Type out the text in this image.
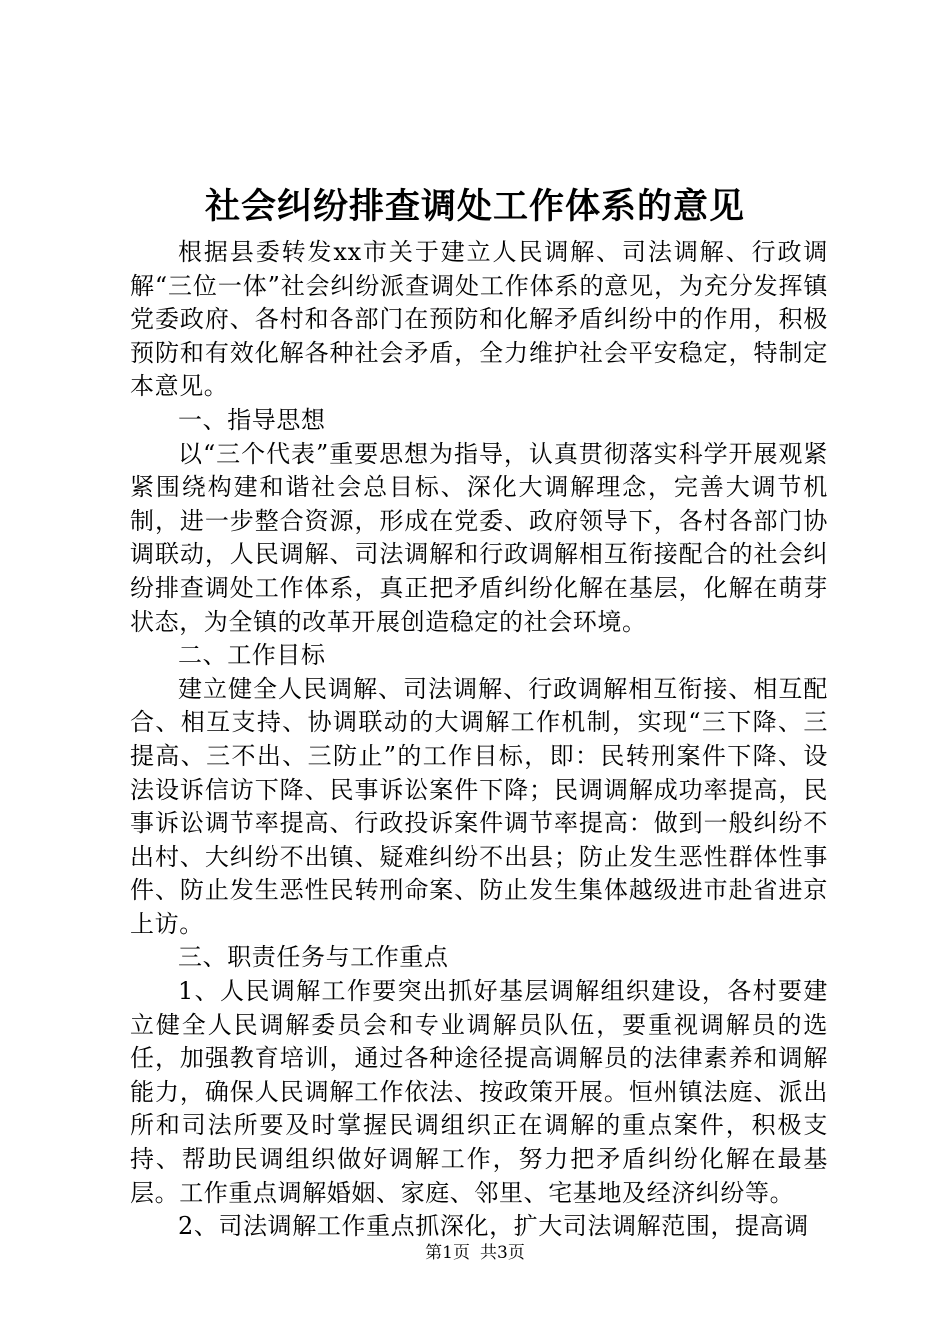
社会纠纷排查调处工作体系的意见

根据县委转发xx市关于建立人民调解、司法调解、行政调解“三位一体”社会纠纷派查调处工作体系的意见，为充分发挥镇党委政府、各村和各部门在预防和化解矛盾纠纷中的作用，积极预防和有效化解各种社会矛盾，全力维护社会平安稳定，特制定本意见。

一、指导思想

以“三个代表”重要思想为指导，认真贯彻落实科学开展观紧紧围绕构建和谐社会总目标、深化大调解理念，完善大调节机制，进一步整合资源，形成在党委、政府领导下，各村各部门协调联动，人民调解、司法调解和行政调解相互衔接配合的社会纠纷排查调处工作体系，真正把矛盾纠纷化解在基层，化解在萌芽状态，为全镇的改革开展创造稳定的社会环境。

二、工作目标

建立健全人民调解、司法调解、行政调解相互衔接、相互配合、相互支持、协调联动的大调解工作机制，实现“三下降、三提高、三不出、三防止”的工作目标，即：民转刑案件下降、设法设诉信访下降、民事诉讼案件下降；民调调解成功率提高，民事诉讼调节率提高、行政投诉案件调节率提高：做到一般纠纷不出村、大纠纷不出镇、疑难纠纷不出县；防止发生恶性群体性事件、防止发生恶性民转刑命案、防止发生集体越级进市赴省进京上访。

三、职责任务与工作重点

1、人民调解工作要突出抓好基层调解组织建设，各村要建立健全人民调解委员会和专业调解员队伍，要重视调解员的选任，加强教育培训，通过各种途径提高调解员的法律素养和调解能力，确保人民调解工作依法、按政策开展。恒州镇法庭、派出所和司法所要及时掌握民调组织正在调解的重点案件，积极支持、帮助民调组织做好调解工作，努力把矛盾纠纷化解在最基层。工作重点调解婚姻、家庭、邻里、宅基地及经济纠纷等。

2、司法调解工作重点抓深化，扩大司法调解范围，提高调

第1页 共3页
